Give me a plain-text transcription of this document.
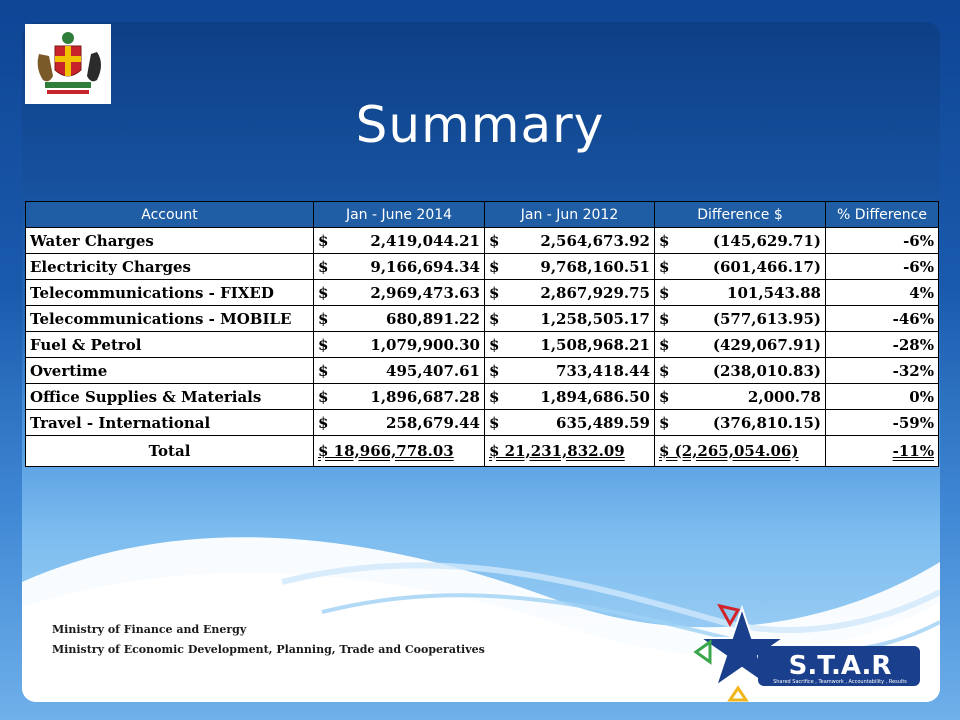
Summary
Account	Jan - June 2014	Jan - Jun 2012	Difference $	% Difference
Water Charges	$ 2,419,044.21	$ 2,564,673.92	$ (145,629.71)	-6%
Electricity Charges	$ 9,166,694.34	$ 9,768,160.51	$ (601,466.17)	-6%
Telecommunications - FIXED	$ 2,969,473.63	$ 2,867,929.75	$ 101,543.88	4%
Telecommunications - MOBILE	$ 680,891.22	$ 1,258,505.17	$ (577,613.95)	-46%
Fuel & Petrol	$ 1,079,900.30	$ 1,508,968.21	$ (429,067.91)	-28%
Overtime	$ 495,407.61	$ 733,418.44	$ (238,010.83)	-32%
Office Supplies & Materials	$ 1,896,687.28	$ 1,894,686.50	$ 2,000.78	0%
Travel - International	$ 258,679.44	$ 635,489.59	$ (376,810.15)	-59%
Total	$ 18,966,778.03	$ 21,231,832.09	$ (2,265,054.06)	-11%
Ministry of Finance and Energy
Ministry of Economic Development, Planning, Trade and Cooperatives
S.T.A.R
Shared Sacrifice , Teamwork , Accountability , Results
